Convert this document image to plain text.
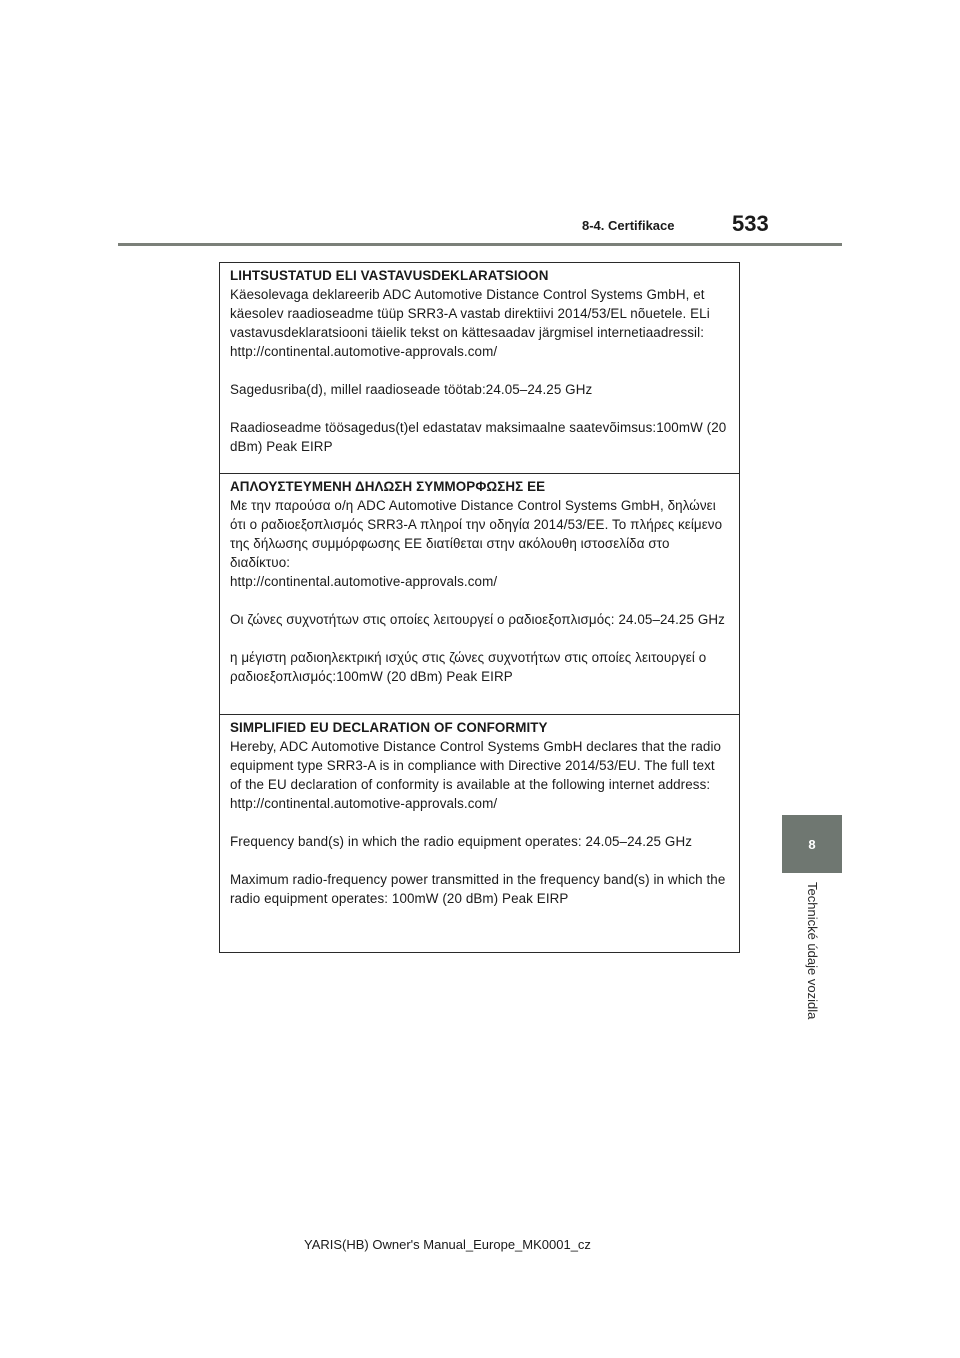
8-4. Certifikace	533
8
Technické údaje vozidla

LIHTSUSTATUD ELI VASTAVUSDEKLARATSIOON

Käesolevaga deklareerib ADC Automotive Distance Control Systems GmbH, et käesolev raadioseadme tüüp SRR3-A vastab direktiivi 2014/53/EL nõuetele. ELi vastavusdeklaratsiooni täielik tekst on kättesaadav järgmisel internetiaadressil:

http://continental.automotive-approvals.com/

Sagedusriba(d), millel raadioseade töötab:24.05–24.25 GHz

Raadioseadme töösagedus(t)el edastatav maksimaalne saatevõimsus:100mW (20 dBm) Peak EIRP

ΑΠΛΟΥΣΤΕΥΜΕΝΗ ΔΗΛΩΣΗ ΣΥΜΜΟΡΦΩΣΗΣ ΕΕ

Με την παρούσα ο/η ADC Automotive Distance Control Systems GmbH, δηλώνει ότι ο ραδιοεξοπλισμός SRR3-A πληροί την οδηγία 2014/53/ΕΕ. Το πλήρες κείμενο της δήλωσης συμμόρφωσης ΕΕ διατίθεται στην ακόλουθη ιστοσελίδα στο διαδίκτυο:

http://continental.automotive-approvals.com/

Οι ζώνες συχνοτήτων στις οποίες λειτουργεί ο ραδιοεξοπλισμός: 24.05–24.25 GHz

η μέγιστη ραδιοηλεκτρική ισχύς στις ζώνες συχνοτήτων στις οποίες λειτουργεί ο ραδιοεξοπλισμός:100mW (20 dBm) Peak EIRP

SIMPLIFIED EU DECLARATION OF CONFORMITY

Hereby, ADC Automotive Distance Control Systems GmbH declares that the radio equipment type SRR3-A is in compliance with Directive 2014/53/EU. The full text of the EU declaration of conformity is available at the following internet address:

http://continental.automotive-approvals.com/

Frequency band(s) in which the radio equipment operates: 24.05–24.25 GHz

Maximum radio-frequency power transmitted in the frequency band(s) in which the radio equipment operates: 100mW (20 dBm) Peak EIRP

YARIS(HB) Owner's Manual_Europe_MK0001_cz
